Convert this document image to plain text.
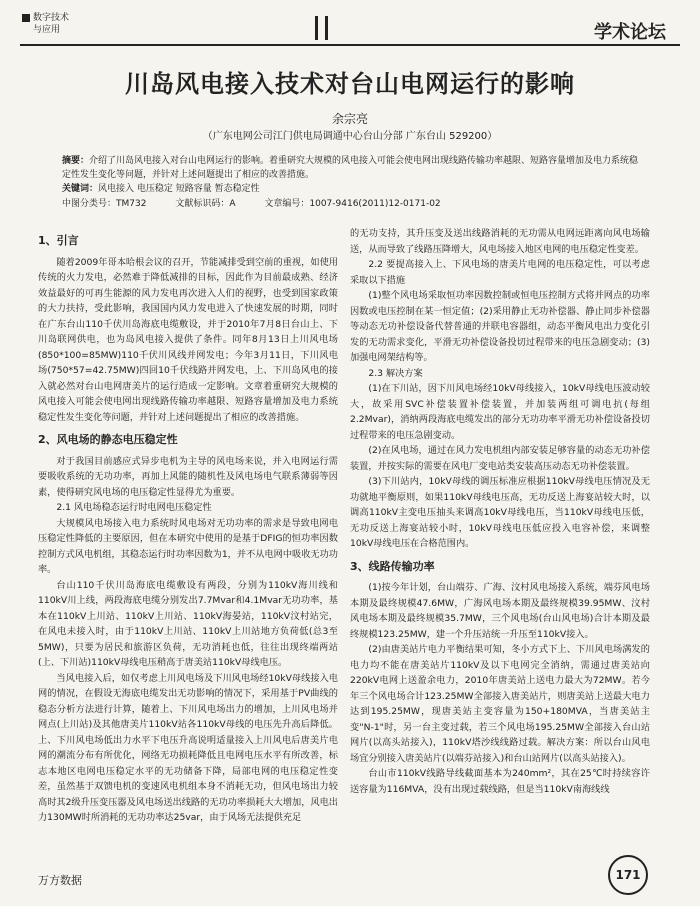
数字技术
与应用	学术论坛
川岛风电接入技术对台山电网运行的影响
余宗亮
（广东电网公司江门供电局调通中心台山分部 广东台山 529200）
摘要：介绍了川岛风电接入对台山电网运行的影响。着重研究大规模的风电接入可能会使电网出现线路传输功率越限、短路容量增加及电力系统稳定性发生变化等问题，并针对上述问题提出了相应的改善措施。
关键词：风电接入 电压稳定 短路容量 暂态稳定性
中图分类号：TM732	文献标识码：A	文章编号：1007-9416(2011)12-0171-02
1、引言

随着2009年哥本哈根会议的召开，节能减排受到空前的重视，如使用传统的火力发电，必然难于降低减排的目标，因此作为目前最成熟、经济效益最好的可再生能源的风力发电再次进入人们的视野，也受到国家政策的大力扶持，受此影响，我国国内风力发电进入了快速发展的时期，同时在广东台山110千伏川岛海底电缆敷设，并于2010年7月8日台山上、下川岛联网供电，也为岛风电接入提供了条件。同年8月13日上川风电场(850*100=85MW)110千伏川风线并网发电；今年3月11日，下川风电场(750*57=42.75MW)四回10千伏线路并网发电，上、下川岛风电的接入就必然对台山电网唐美片的运行造成一定影响。文章着重研究大规模的风电接入可能会使电网出现线路传输功率越限、短路容量增加及电力系统稳定性发生变化等问题，并针对上述问题提出了相应的改善措施。

2、风电场的静态电压稳定性

对于我国目前感应式异步电机为主导的风电场来说，并入电网运行需要吸收系统的无功功率，再加上风能的随机性及风电场电气联系薄弱等因素，使得研究风电场的电压稳定性显得尤为重要。

2.1 风电场稳态运行时电网电压稳定性

大规模风电场接入电力系统时风电场对无功功率的需求是导致电网电压稳定性降低的主要原因，但在本研究中使用的是基于DFIG的恒功率因数控制方式风电机组，其稳态运行时功率因数为1，并不从电网中吸收无功功率。

台山110千伏川岛海底电缆敷设有两段，分别为110kV海川线和110kV川上线，两段海底电缆分别发出7.7Mvar和4.1Mvar无功功率，基本在110kV上川站、110kV上川站、110kV海晏站，110kV汶村站完，在风电未接入时，由于110kV上川站、110kV上川站地方负荷低(总3至5MW)，只要为居民和旅游区负荷，无功消耗也低，往往出现终端两站(上、下川站)110kV母线电压稍高于唐美站110kV母线电压。

当风电接入后，如仅考虑上川风电场及下川风电场经10kV母线接入电网的情况，在假设无海底电缆发出无功影响的情况下，采用基于PV曲线的稳态分析方法进行计算，随着上、下川风电场出力的增加，上川风电场并网点(上川站)及其他唐美片110kV站各110kV母线的电压先升高后降低。上、下川风电场低出力水平下电压升高说明适量接入上川风电后唐美片电网的潮流分布有所优化，网络无功损耗降低且电网电压水平有所改善，标志本地区电网电压稳定水平的无功储备下降，局部电网的电压稳定性变差，虽然基于双馈电机的变速风电机组本身不消耗无功，但风电场出力较高时其2级升压变压器及风电场送出线路的无功功率损耗大大增加，风电出力130MW时所消耗的无功功率达25var，由于风场无法提供充足

的无功支持，其升压变及送出线路消耗的无功需从电网远距离向风电场输送，从而导致了线路压降增大，风电场接入地区电网的电压稳定性变差。

2.2 要提高接入上、下风电场的唐美片电网的电压稳定性，可以考虑采取以下措施

(1)整个风电场采取恒功率因数控制或恒电压控制方式将并网点的功率因数或电压控制在某一恒定值；(2)采用静止无功补偿器、静止同步补偿器等动态无功补偿设备代替普通的并联电容器组，动态平衡风电出力变化引发的无功需求变化，平滑无功补偿设备投切过程带来的电压急剧变动；(3)加强电网架结构等。

2.3 解决方案

(1)在下川站，因下川风电场经10kV母线接入，10kV母线电压波动较大，故采用SVC补偿装置补偿装置，并加装两组可调电抗(每组2.2Mvar)，消纳两段海底电缆发出的部分无功功率平滑无功补偿设备投切过程带来的电压急剧变动。

(2)在风电场，通过在风力发电机组内部安装足够容量的动态无功补偿装置，并按实际的需要在风电厂变电站类安装高压动态无功补偿装置。

(3)下川站内，10kV母线的调压标准应根据110kV母线电压情况及无功就地平衡原则，如果110kV母线电压高，无功反送上海宴站较大时，以调高110kV主变电压抽头来调高10kV母线电压，当110kV母线电压低，无功反送上海宴站较小时，10kV母线电压低应投入电容补偿，来调整10kV母线电压在合格范围内。

3、线路传输功率

(1)按今年计划，台山端芬、广海、汶村风电场接入系统，端芬风电场本期及最终规模47.6MW，广海风电场本期及最终规模39.95MW、汶村风电场本期及最终规模35.7MW，三个风电场(台山风电场)合计本期及最终规模123.25MW，建一个升压站统一升压至110kV接入。

(2)由唐美站片电力平衡结果可知，冬小方式下上、下川风电场满发的电力均不能在唐美站片110kV及以下电网完全消纳，需通过唐美站向220kV电网上送盈余电力，2010年唐美站上送电力最大为72MW。若今年三个风电场合计123.25MW全部接入唐美站片，则唐美站上送最大电力达到195.25MW，现唐美站主变容量为150+180MVA，当唐美站主变"N-1"时，另一台主变过载，若三个风电场195.25MW全部接入台山站网片(以高头站接入)，110kV塔沙线线路过载。解决方案：所以台山风电场宜分别接入唐美站片(以端芬站接入)和台山站网片(以高头站接入)。

台山市110kV线路导线截面基本为240mm²，其在25℃时持续容许送容量为116MVA，没有出现过载线路，但是当110kV南海线线

万方数据	171
